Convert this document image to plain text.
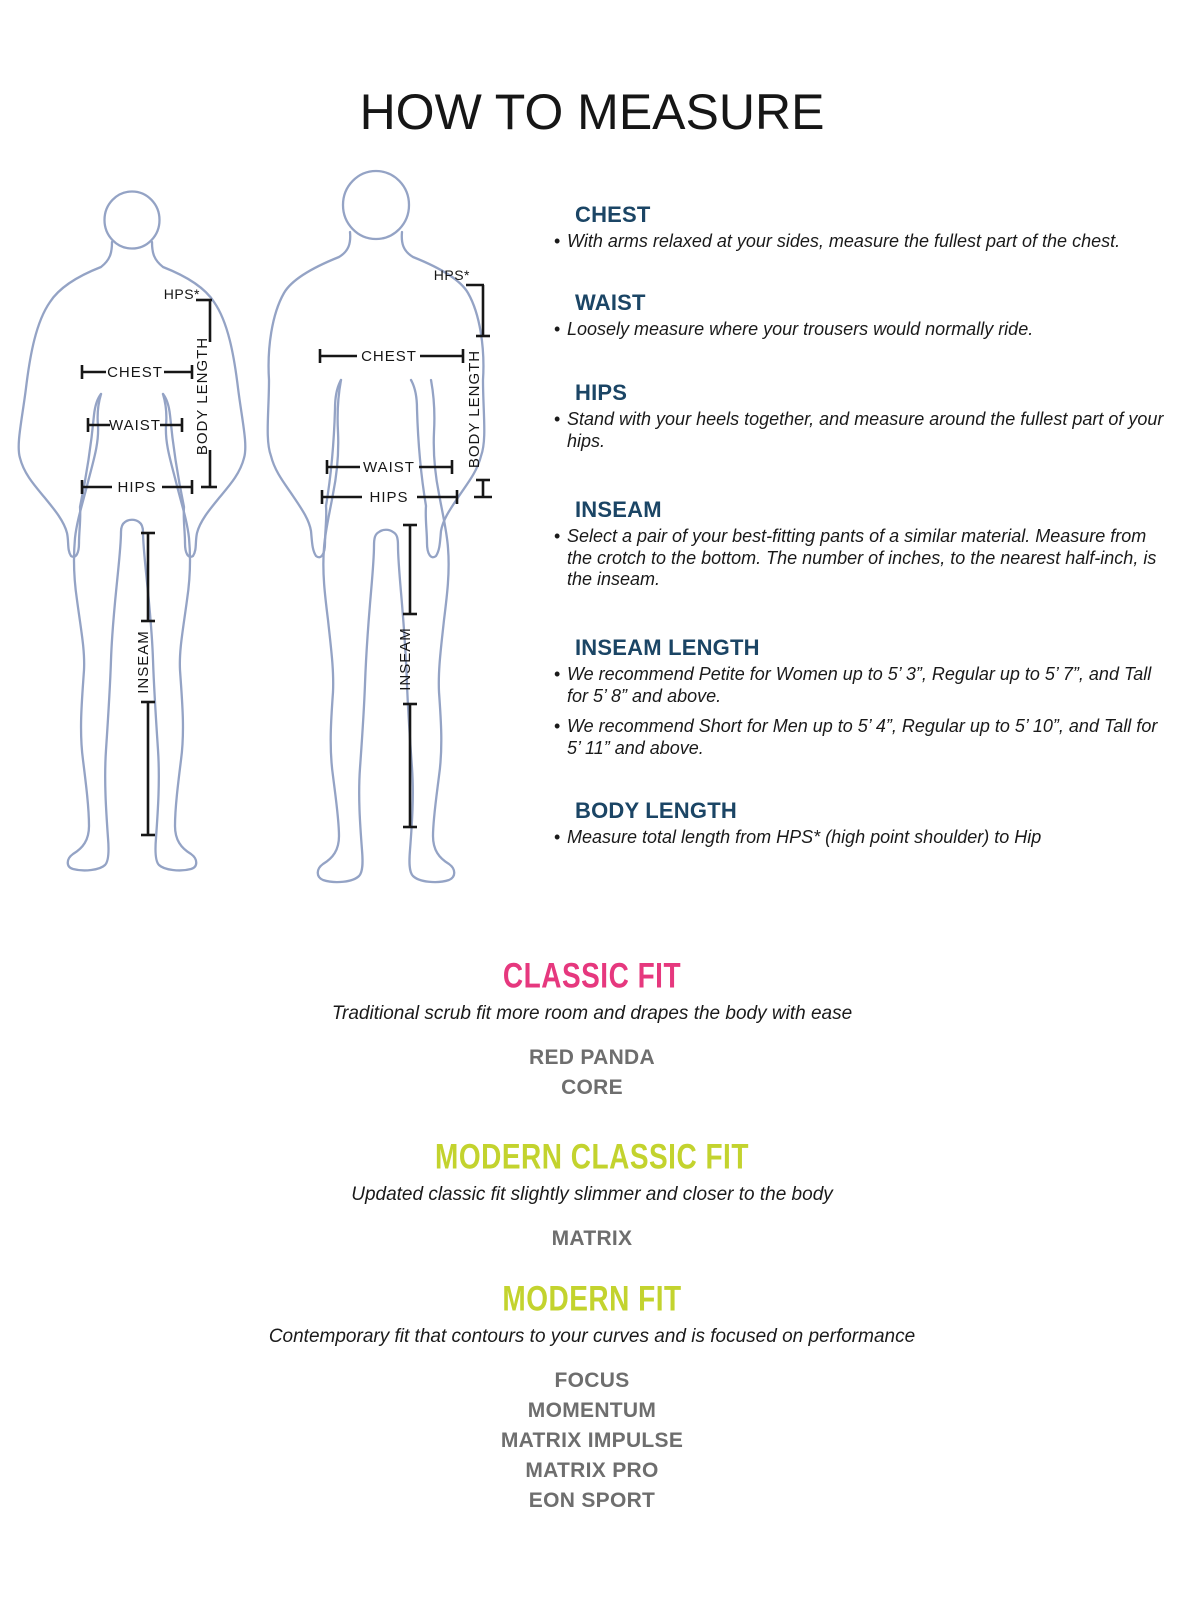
HOW TO MEASURE
HPS*
BODY LENGTH
CHEST
WAIST
HIPS
INSEAM
HPS*
BODY LENGTH
CHEST
WAIST
HIPS
INSEAM
CHEST
• With arms relaxed at your sides, measure the fullest part of the chest.

WAIST
• Loosely measure where your trousers would normally ride.

HIPS
• Stand with your heels together, and measure around the fullest part of your hips.

INSEAM
• Select a pair of your best-fitting pants of a similar material. Measure from the crotch to the bottom. The number of inches, to the nearest half-inch, is the inseam.

INSEAM LENGTH
• We recommend Petite for Women up to 5’ 3”, Regular up to 5’ 7”, and Tall for 5’ 8” and above.

• We recommend Short for Men up to 5’ 4”, Regular up to 5’ 10”, and Tall for 5’ 11” and above.

BODY LENGTH
• Measure total length from HPS* (high point shoulder) to Hip

CLASSIC FIT

Traditional scrub fit more room and drapes the body with ease

RED PANDA
CORE
MODERN CLASSIC FIT

Updated classic fit slightly slimmer and closer to the body

MATRIX
MODERN FIT

Contemporary fit that contours to your curves and is focused on performance

FOCUS
MOMENTUM
MATRIX IMPULSE
MATRIX PRO
EON SPORT
